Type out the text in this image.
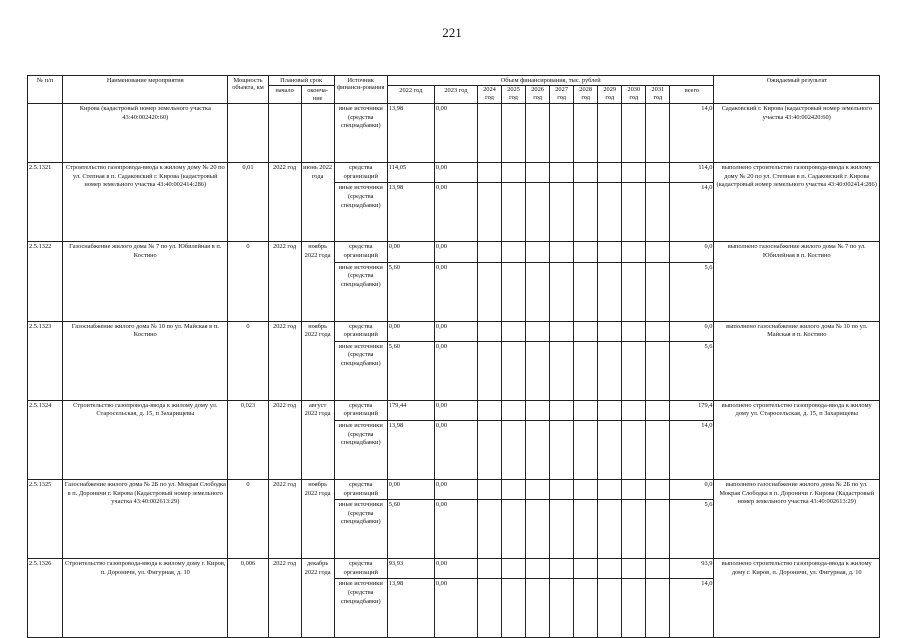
221
№ п/п	Наименование мероприятия	Мощность объекта, км	Плановый срок		Источник финанси-рования	Объем финансирования, тыс. рублей											Ожидаемый результат
			начало	оконча-ние		2022 год	2023 год	2024 год	2025 год	2026 год	2027 год	2028 год	2029 год	2030 год	2031 год	всего	
	Кирова (кадастровый номер земельного участка 43:40:002420:60)				иные источники (средства спецнадбавки)	13,98	0,00									14,0	Садаковский г. Кирова (кадастровый номер земельного участка 43:40:002420:60)
2.5.1321	Строительство газопровода-ввода к жилому дому № 20 по ул. Степная в п. Садаковский г. Кирова (кадастровый номер земельного участка 43:40:002414:286)	0,01	2022 год	июнь 2022 года	средства организаций	114,05	0,00									114,0	выполнено строительство газопровода-ввода к жилому дому № 20 по ул. Степная в п. Садаковский г. Кирова (кадастровый номер земельного участка 43:40:002414:286)
					иные источники (средства спецнадбавки)	13,98	0,00									14,0	
2.5.1322	Газоснабжение жилого дома № 7 по ул. Юбилейная в п. Костино	0	2022 год	ноябрь 2022 года	средства организаций	0,00	0,00									0,0	выполнено газоснабжение жилого дома № 7 по ул. Юбилейная в п. Костино
					иные источники (средства спецнадбавки)	5,60	0,00									5,6	
2.5.1323	Газоснабжение жилого дома № 10 по ул. Майская в п. Костино	0	2022 год	ноябрь 2022 года	средства организаций	0,00	0,00									0,0	выполнено газоснабжение жилого дома № 10 по ул. Майская в п. Костино
					иные источники (средства спецнадбавки)	5,60	0,00									5,6	
2.5.1324	Строительство газопровода-ввода к жилому дому ул. Старосельская, д. 15, п Захарищевы	0,023	2022 год	август 2022 года	средства организаций	179,44	0,00									179,4	выполнено строительство газопровода-ввода к жилому дому ул. Старосельская, д. 15, п Захарищевы
					иные источники (средства спецнадбавки)	13,98	0,00									14,0	
2.5.1325	Газоснабжение жилого дома № 2Б по ул. Мокрая Слободка в п. Дороничи г. Кирова (Кадастровый номер земельного участка 43:40:002613:29)	0	2022 год	ноябрь 2022 года	средства организаций	0,00	0,00									0,0	выполнено газоснабжение жилого дома № 2Б по ул. Мокрая Слободка в п. Дороничи г. Кирова (Кадастровый номер земельного участка 43:40:002613:29)
					иные источники (средства спецнадбавки)	5,60	0,00									5,6	
2.5.1326	Строительство газопровода-ввода к жилому дому г. Киров, п. Дороничи, ул. Фигурная, д. 10	0,006	2022 год	декабрь 2022 года	средства организаций	93,93	0,00									93,9	выполнено строительство газопровода-ввода к жилому дому г. Киров, п. Дороничи, ул. Фигурная, д. 10
					иные источники (средства спецнадбавки)	13,98	0,00									14,0	
